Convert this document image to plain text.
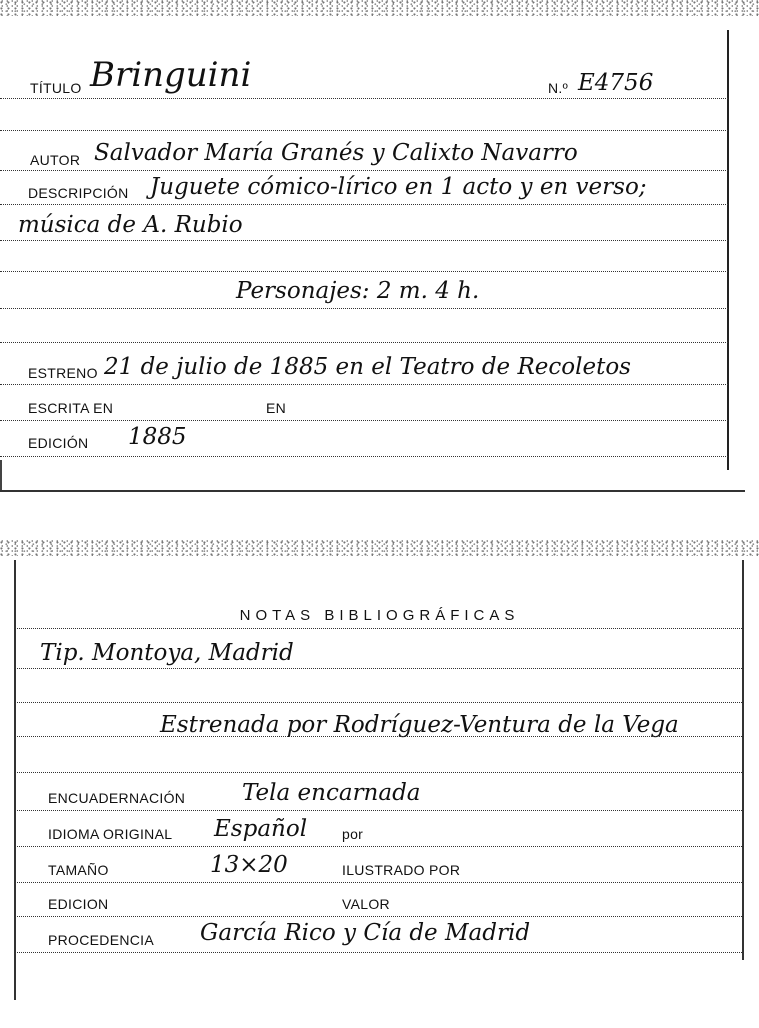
TÍTULO Bringuini	N.º E4756
AUTOR Salvador María Granés y Calixto Navarro
DESCRIPCIÓN Juguete cómico-lírico en 1 acto y en verso;
música de A. Rubio
Personajes: 2 m. 4 h.
ESTRENO 21 de julio de 1885 en el Teatro de Recoletos
ESCRITA EN	EN
EDICIÓN 1885
NOTAS BIBLIOGRÁFICAS
Tip. Montoya, Madrid
Estrenada por Rodríguez-Ventura de la Vega
ENCUADERNACIÓN Tela encarnada
IDIOMA ORIGINAL Español por
TAMAÑO	13×20	ILUSTRADO POR
EDICION	VALOR
PROCEDENCIA García Rico y Cía de Madrid
